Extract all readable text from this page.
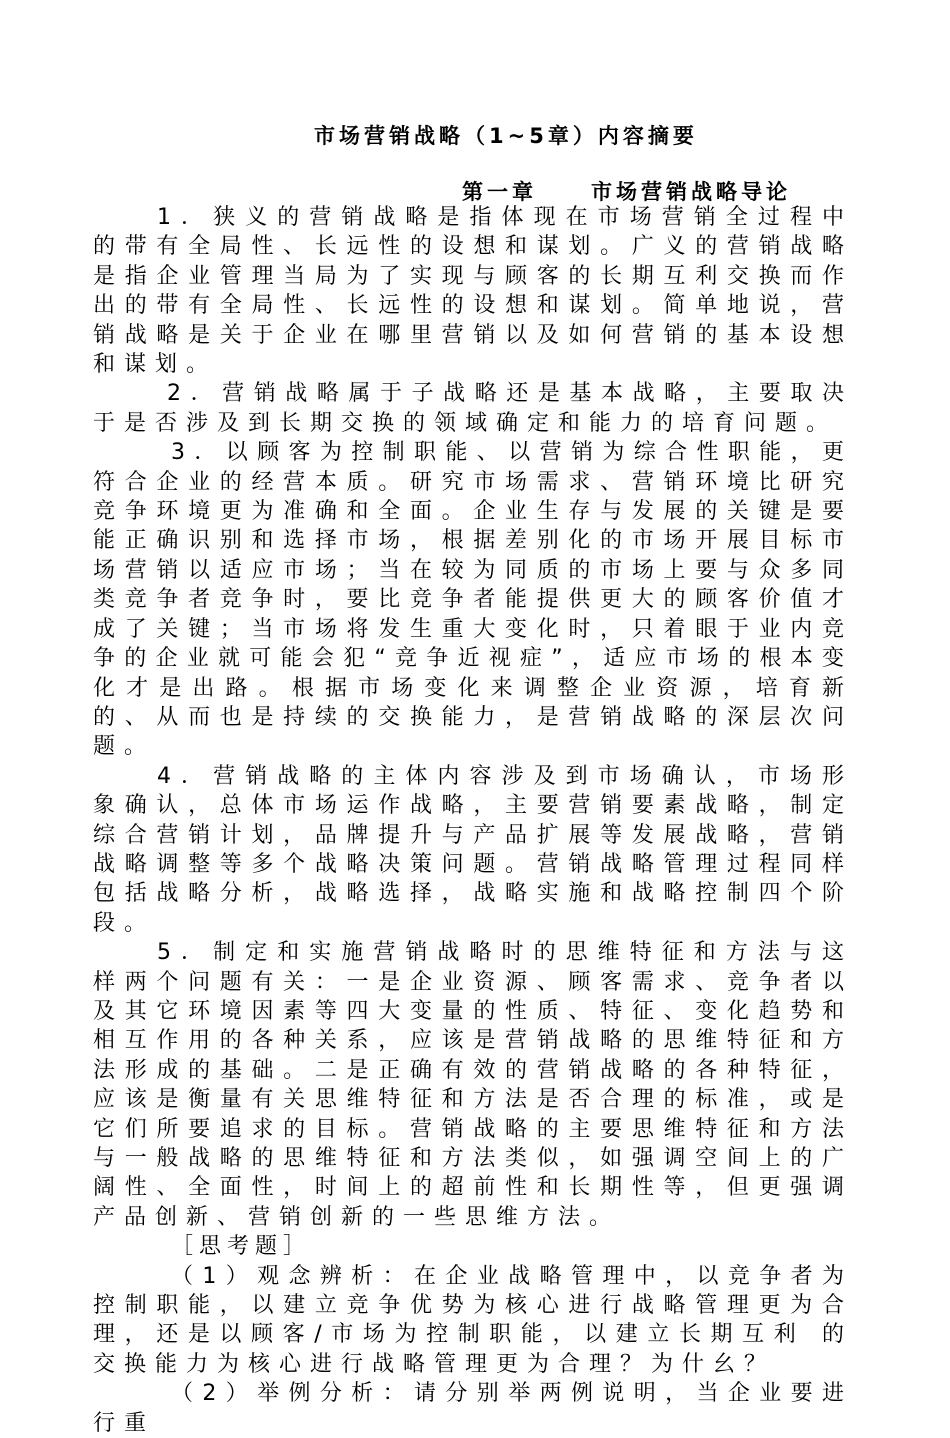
市场营销战略（1~5章）内容摘要
第一章	市场营销战略导论

1．狭义的营销战略是指体现在市场营销全过程中的带有全局性、长远性的设想和谋划。广义的营销战略是指企业管理当局为了实现与顾客的长期互利交换而作出的带有全局性、长远性的设想和谋划。简单地说，营销战略是关于企业在哪里营销以及如何营销的基本设想和谋划。

2．营销战略属于子战略还是基本战略，主要取决于是否涉及到长期交换的领域确定和能力的培育问题。

3．以顾客为控制职能、以营销为综合性职能，更符合企业的经营本质。研究市场需求、营销环境比研究竞争环境更为准确和全面。企业生存与发展的关键是要能正确识别和选择市场，根据差别化的市场开展目标市场营销以适应市场；当在较为同质的市场上要与众多同类竞争者竞争时，要比竞争者能提供更大的顾客价值才成了关键；当市场将发生重大变化时，只着眼于业内竞争的企业就可能会犯“竞争近视症”，适应市场的根本变化才是出路。根据市场变化来调整企业资源，培育新的、从而也是持续的交换能力，是营销战略的深层次问题。

4．营销战略的主体内容涉及到市场确认，市场形象确认，总体市场运作战略，主要营销要素战略，制定综合营销计划，品牌提升与产品扩展等发展战略，营销战略调整等多个战略决策问题。营销战略管理过程同样包括战略分析，战略选择，战略实施和战略控制四个阶段。

5．制定和实施营销战略时的思维特征和方法与这样两个问题有关：一是企业资源、顾客需求、竞争者以及其它环境因素等四大变量的性质、特征、变化趋势和相互作用的各种关系，应该是营销战略的思维特征和方法形成的基础。二是正确有效的营销战略的各种特征，应该是衡量有关思维特征和方法是否合理的标准，或是它们所要追求的目标。营销战略的主要思维特征和方法与一般战略的思维特征和方法类似，如强调空间上的广阔性、全面性，时间上的超前性和长期性等，但更强调产品创新、营销创新的一些思维方法。

［思考题］

（1）观念辨析：在企业战略管理中，以竞争者为控制职能，以建立竞争优势为核心进行战略管理更为合理，还是以顾客/市场为控制职能，以建立长期互利 的交换能力为核心进行战略管理更为合理？为什幺？

（2）举例分析：请分别举两例说明，当企业要进行重
